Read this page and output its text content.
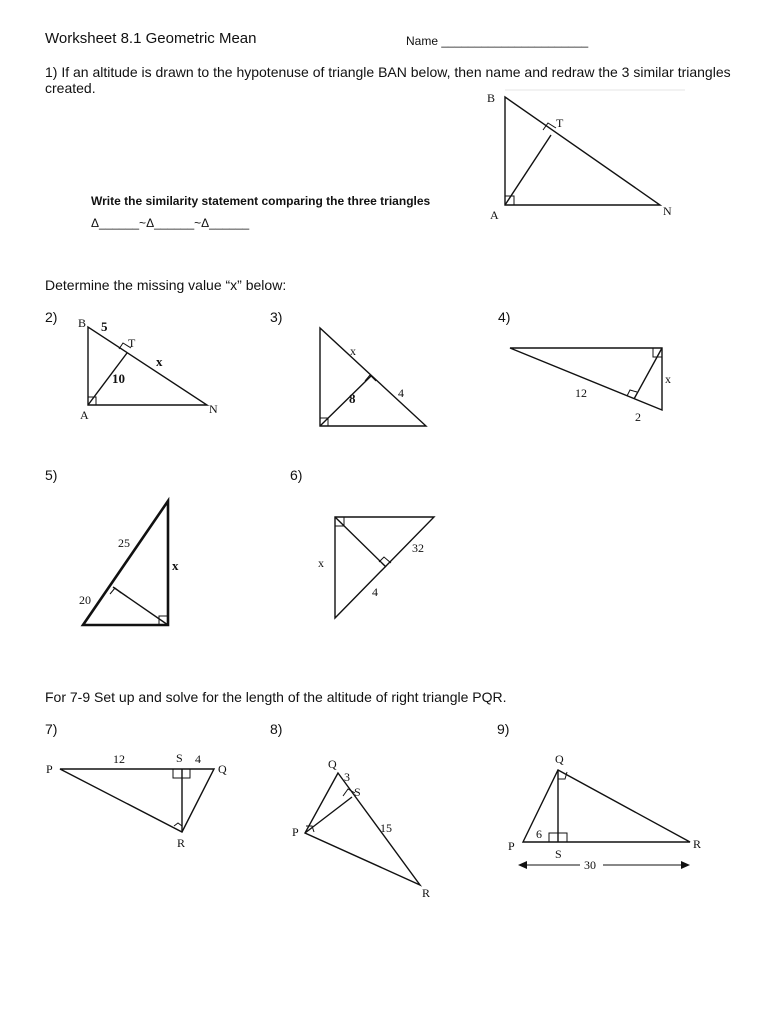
Worksheet 8.1 Geometric Mean	Name ______________________
1) If an altitude is drawn to the hypotenuse of triangle BAN below, then name and redraw the 3 similar triangles
created.
Write the similarity statement comparing the three triangles
Δ______~Δ______~Δ______
Determine the missing value “x” below:
2)	3)	4)
5)	6)
For 7-9 Set up and solve for the length of the altitude of right triangle PQR.
7)	8)	9)
B
T
A	N
B 5
T
x
10
A	N
x
8	4	12
2
x
25
20
x	x
32
4
P
12	S 4
Q
R
Q
3
S
15
P
R
Q
6
P
S
R
30
